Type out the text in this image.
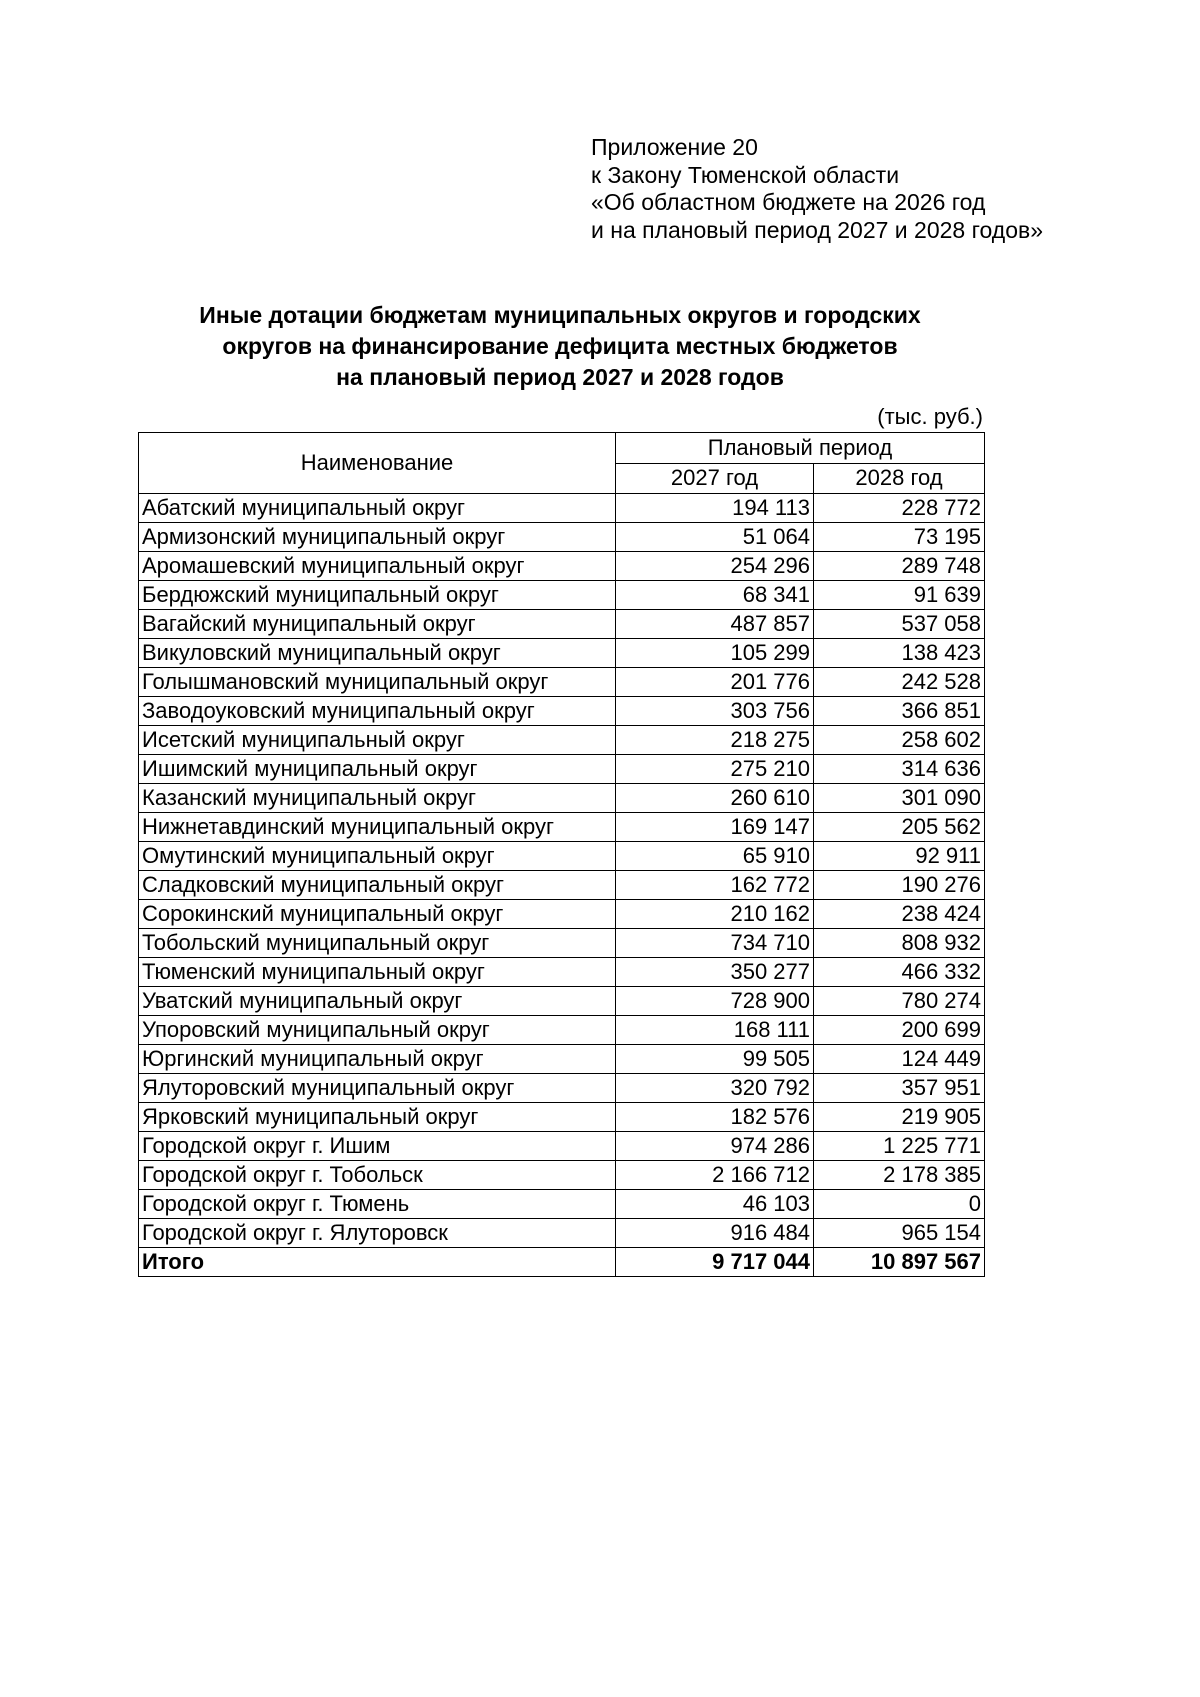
Приложение 20
к Закону Тюменской области
«Об областном бюджете на 2026 год
и на плановый период 2027 и 2028 годов»
Иные дотации бюджетам муниципальных округов и городских
округов на финансирование дефицита местных бюджетов
на плановый период 2027 и 2028 годов
(тыс. руб.)
Наименование	Плановый период	
	2027 год	2028 год
Абатский муниципальный округ	194 113	228 772
Армизонский муниципальный округ	51 064	73 195
Аромашевский муниципальный округ	254 296	289 748
Бердюжский муниципальный округ	68 341	91 639
Вагайский муниципальный округ	487 857	537 058
Викуловский муниципальный округ	105 299	138 423
Голышмановский муниципальный округ	201 776	242 528
Заводоуковский муниципальный округ	303 756	366 851
Исетский муниципальный округ	218 275	258 602
Ишимский муниципальный округ	275 210	314 636
Казанский муниципальный округ	260 610	301 090
Нижнетавдинский муниципальный округ	169 147	205 562
Омутинский муниципальный округ	65 910	92 911
Сладковский муниципальный округ	162 772	190 276
Сорокинский муниципальный округ	210 162	238 424
Тобольский муниципальный округ	734 710	808 932
Тюменский муниципальный округ	350 277	466 332
Уватский муниципальный округ	728 900	780 274
Упоровский муниципальный округ	168 111	200 699
Юргинский муниципальный округ	99 505	124 449
Ялуторовский муниципальный округ	320 792	357 951
Ярковский муниципальный округ	182 576	219 905
Городской округ г. Ишим	974 286	1 225 771
Городской округ г. Тобольск	2 166 712	2 178 385
Городской округ г. Тюмень	46 103	0
Городской округ г. Ялуторовск	916 484	965 154
Итого	9 717 044	10 897 567
